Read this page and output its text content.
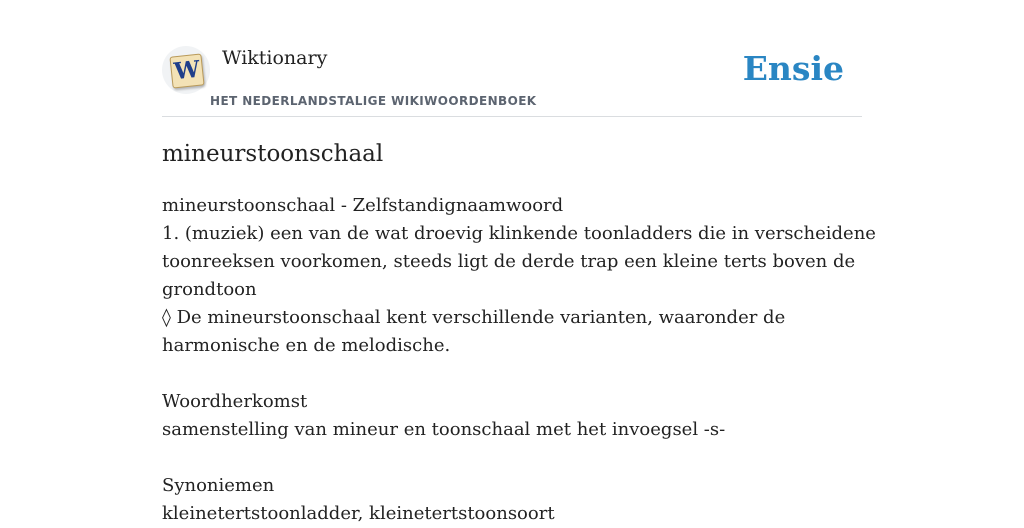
W Wiktionary
HET NEDERLANDSTALIGE WIKIWOORDENBOEK
Ensie
mineurstoonschaal
mineurstoonschaal - Zelfstandignaamwoord
1. (muziek) een van de wat droevig klinkende toonladders die in verscheidene
toonreeksen voorkomen, steeds ligt de derde trap een kleine terts boven de
grondtoon
◊ De mineurstoonschaal kent verschillende varianten, waaronder de
harmonische en de melodische.
Woordherkomst
samenstelling van mineur en toonschaal met het invoegsel -s-
Synoniemen
kleinetertstoonladder, kleinetertstoonsoort
